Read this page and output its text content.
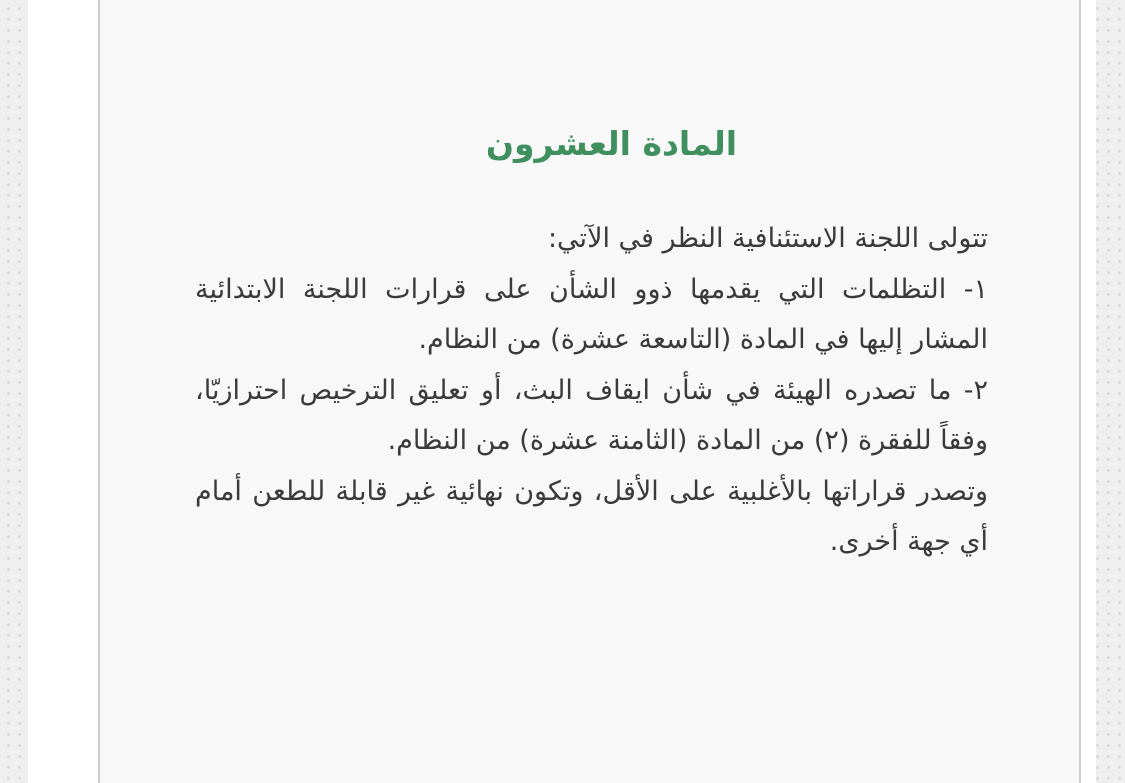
المادة العشرون

تتولى اللجنة الاستئنافية النظر في الآتي:

١- التظلمات التي يقدمها ذوو الشأن على قرارات اللجنة الابتدائية المشار إليها في المادة (التاسعة عشرة) من النظام.

٢- ما تصدره الهيئة في شأن ايقاف البث، أو تعليق الترخيص احترازيّا، وفقاً للفقرة (٢) من المادة (الثامنة عشرة) من النظام.

وتصدر قراراتها بالأغلبية على الأقل، وتكون نهائية غير قابلة للطعن أمام أي جهة أخرى.
